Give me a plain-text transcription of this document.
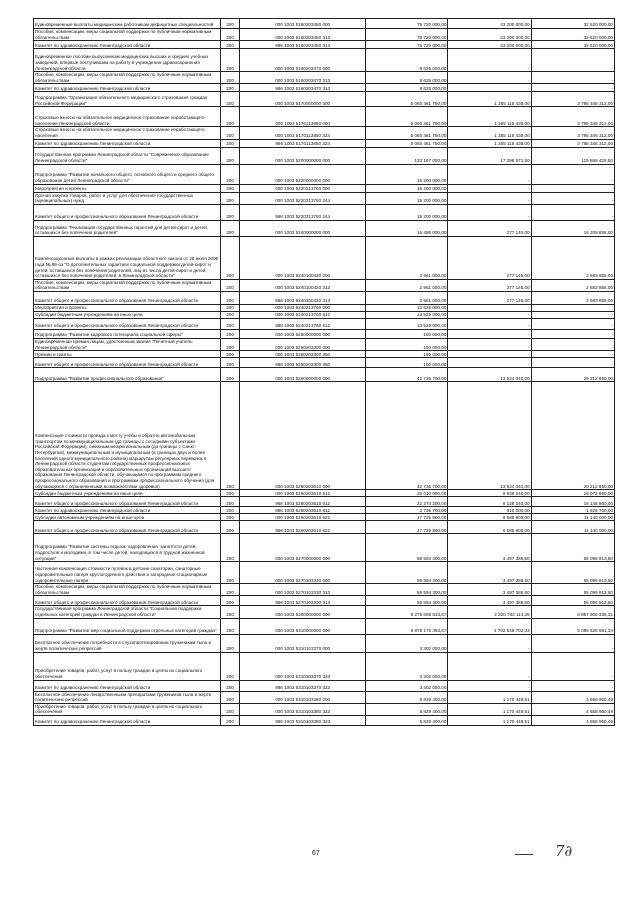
Единовременные выплаты медицинским работникам дефицитных специальностей	200	000 1003 5160203450 000	75 720 000,00	43 200 000,00	32 520 000,00
Пособия, компенсации, меры социальной поддержки по публичным нормативным обязательствам	200	000 1003 5160203450 313	75 720 000,00	43 200 000,00	32 520 000,00
Комитет по здравоохранению Ленинградской области	200	986 1003 5160203450 313	75 720 000,00	43 200 000,00	32 520 000,00
Единовременное пособие выпускникам медицинских высших и средних учебных заведений, впервые поступившим на работу в учреждения здравоохранения Ленинградской области	200	000 1003 5160203470 000	8 625 000,00	-	-
Пособия, компенсации, меры социальной поддержки по публичным нормативным обязательствам	200	000 1003 5160203470 313	8 625 000,00	-	-
Комитет по здравоохранению Ленинградской области	200	986 1003 5160203470 313	8 625 000,00	-	-
Подпрограмма "Организация обязательного медицинского страхования граждан Российской Федерации"	200	000 1003 5170000000 000	5 060 461 750,00	1 265 115 438,00	3 795 346 312,00
Страховые взносы на обязательное медицинское страхование неработающего населения Ленинградской области	200	000 1003 5170113850 000	5 060 461 750,00	1 265 115 438,00	3 795 346 312,00
Страховые взносы на обязательное медицинское страхование неработающего населения	200	000 1003 5170113850 324	5 060 461 750,00	1 265 115 438,00	3 795 346 312,00
Комитет по здравоохранению Ленинградской области	200	986 1003 5170113850 324	5 060 461 750,00	1 265 115 438,00	3 795 346 312,00
Государственная программа Ленинградской области "Современное образование Ленинградской области"	200	000 1003 5200000000 000	133 167 000,00	17 298 571,50	115 868 428,50
Подпрограмма "Развитие начального общего, основного общего и среднего общего образования детей Ленинградской области"	200	000 1003 5220000000 000	15 200 000,00	-	-
Мероприятия и проекты	200	000 1003 5220313760 000	15 200 000,00	-	-
Прочая закупка товаров, работ и услуг для обеспечения государственных (муниципальных) нужд	200	000 1003 5220313760 244	15 200 000,00	-	-
Комитет общего и профессионального образования Ленинградской области	200	968 1003 5220313760 244	15 200 000,00	-	-
Подпрограмма "Реализация государственных гарантий для детей-сирот и детей, оставшихся без попечения родителей"	200	000 1003 5240000000 000	16 486 000,00	277 145,00	16 208 855,00
Компенсационные выплаты в рамках реализации областного закона от 28 июля 2005 года № 65-оз "О дополнительных гарантиях социальной поддержки детей-сирот и детей, оставшихся без попечения родителей, лиц из числа детей-сирот и детей, оставшихся без попечения родителей, в Ленинградской области"	200	000 1003 5240100420 000	2 961 000,00	277 145,00	2 683 855,00
Пособия, компенсации, меры социальной поддержки по публичным нормативным обязательствам	200	000 1003 5240100420 313	2 961 000,00	277 145,00	2 683 855,00
Комитет общего и профессионального образования Ленинградской области	200	968 1003 5240100420 313	2 961 000,00	277 145,00	2 683 855,00
Мероприятия и проекты	200	000 1003 5240213760 000	13 525 000,00	-	-
Субсидии бюджетным учреждениям на иные цели	200	000 1003 5240213760 612	13 525 000,00	-	-
Комитет общего и профессионального образования Ленинградской области	200	968 1003 5240213760 612	13 525 000,00	-	-
Подпрограмма "Развитие кадрового потенциала социальной сферы"	200	000 1003 5250000000 000	150 000,00	-	-
Единовременная премия лицам, удостоенным звания "Почетный учитель Ленинградской области"	200	000 1003 5250203300 000	150 000,00	-	-
Премии и гранты	200	000 1003 5250203300 350	150 000,00	-	-
Комитет общего и профессионального образования Ленинградской области	200	968 1003 5250203300 350	150 000,00	-	-
Подпрограмма "Развитие профессионального образования"	200	000 1003 5260000000 000	42 736 700,00	13 524 040,00	29 212 660,00
Компенсация стоимости проезда к месту учебы и обратно автомобильным транспортом по межмуниципальным (до границы с соседними субъектами Российской Федерации), смежным межрегиональным (до границы с Санкт-Петербургом), межмуниципальным и муниципальным (в границах двух и более поселений одного муниципального района) маршрутам регулярных перевозок в Ленинградской области студентам государственных профессиональных образовательных организаций и образовательных организаций высшего образования Ленинградской области, обучающимся по программам среднего профессионального образования и программам профессионального обучения (для обучающихся с ограниченными возможностями здоровья)	200	000 1003 5260203610 000	42 736 700,00	13 524 040,00	29 212 660,00
Субсидии бюджетным учреждениям на иные цели	200	000 1003 5260203610 612	25 010 900,00	6 938 240,00	18 072 660,00
Комитет общего и профессионального образования Ленинградской области	200	968 1003 5260203610 612	22 274 200,00	6 128 240,00	16 145 960,00
Комитет по здравоохранению Ленинградской области	200	986 1003 5260203610 612	2 736 700,00	810 000,00	1 926 700,00
Субсидии автономным учреждениям на иные цели	200	000 1003 5260203610 622	17 725 800,00	6 585 800,00	11 140 000,00
Комитет общего и профессионального образования Ленинградской области	200	968 1003 5260203610 622	17 725 800,00	6 585 800,00	11 140 000,00
Подпрограмма "Развитие системы отдыха, оздоровления, занятости детей, подростков и молодежи, в том числе детей, находящихся в трудной жизненной ситуации"	200	000 1003 5270000000 000	58 594 300,00	3 497 386,50	55 096 913,50
Частичная компенсация стоимости путевок в детские санатории, санаторные оздоровительные лагеря круглогодичного действия и загородные стационарные оздоровительные лагеря	200	000 1003 5270103330 000	58 594 300,00	3 497 386,50	55 096 913,50
Пособия, компенсации, меры социальной поддержки по публичным нормативным обязательствам	200	000 1003 5270103330 313	58 594 300,00	3 497 386,50	55 096 913,50
Комитет общего и профессионального образования Ленинградской области	200	968 1003 5270103330 313	58 594 300,00	3 497 386,50	55 096 913,50
Государственная программа Ленинградской области "Социальная поддержка отдельных категорий граждан в Ленинградской области"	200	000 1003 5300000000 000	9 278 668 633,67	2 320 763 114,36	6 957 905 339,31
Подпрограмма "Развитие мер социальной поддержки отдельных категорий граждан"	200	000 1003 5310000000 000	6 879 176 393,67	1 792 549 702,33	5 086 626 691,34
Бесплатное обеспечение потребности в слухопротезировании труженикам тыла и жертв политических репрессий	200	000 1003 5310103370 000	3 302 000,00	-	-
Приобретение товаров, работ, услуг в пользу граждан в целях их социального обеспечения	200	000 1003 5310103370 323	3 302 000,00	-	-
Комитет по здравоохранению Ленинградской области	200	986 1003 5310103370 323	3 302 000,00	-	-
Бесплатное обеспечение лекарственными препаратами тружеников тыла и жертв политических репрессий	200	000 1003 5310103380 000	5 829 400,00	1 170 449,51	4 658 950,49
Приобретение товаров, работ, услуг в пользу граждан в целях их социального обеспечения	200	000 1003 5310103380 323	5 829 400,00	1 170 449,51	4 658 950,49
Комитет по здравоохранению Ленинградской области	200	986 1003 5310103380 323	5 829 400,00	1 170 449,51	4 658 950,49
67	7∂
